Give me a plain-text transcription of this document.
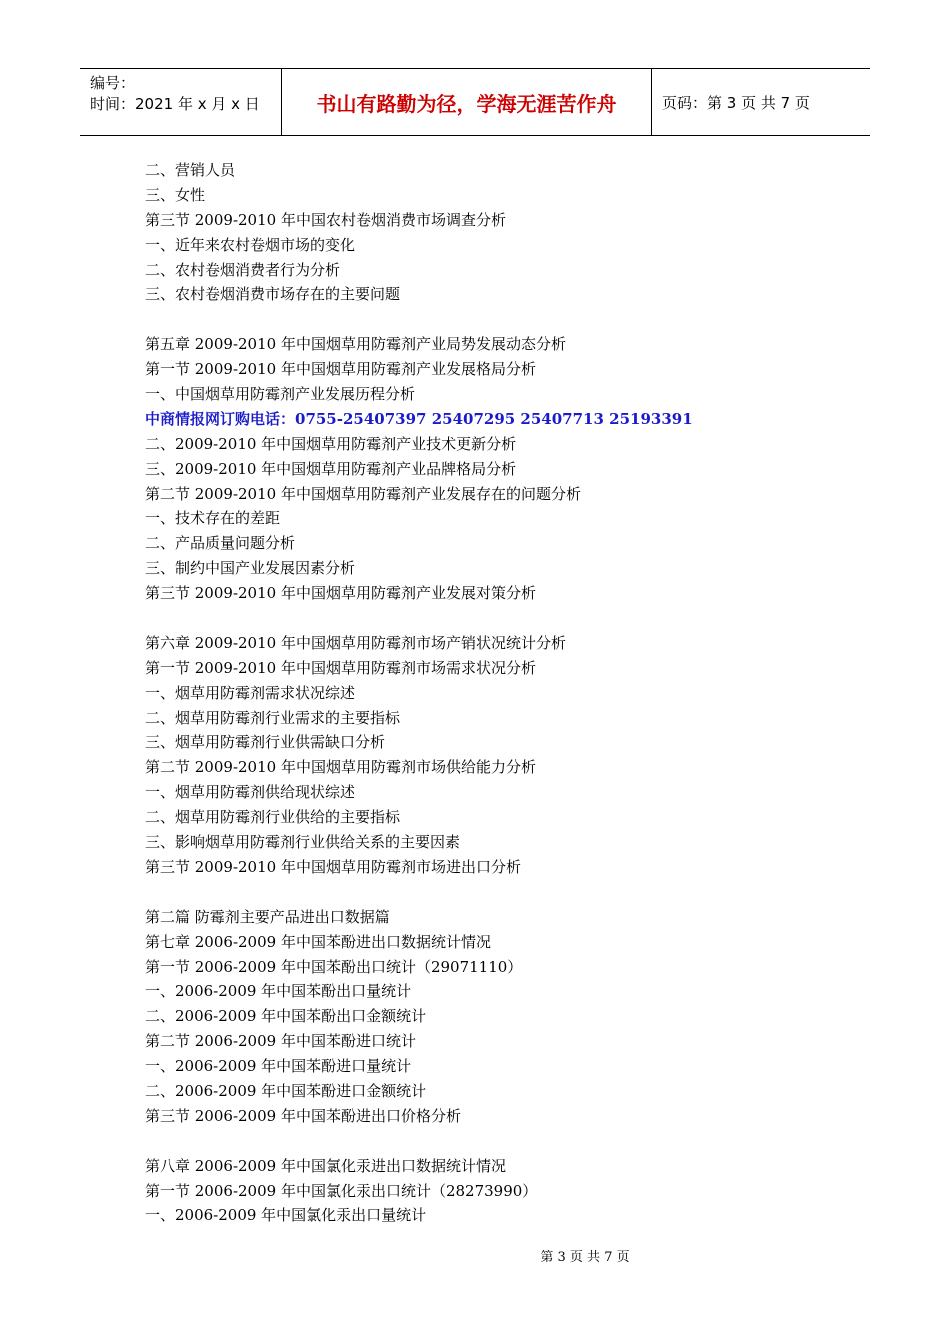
编号：
时间：2021 年 x 月 x 日	书山有路勤为径，学海无涯苦作舟	页码：第 3 页 共 7 页
二、营销人员
三、女性
第三节 2009-2010 年中国农村卷烟消费市场调查分析
一、近年来农村卷烟市场的变化
二、农村卷烟消费者行为分析
三、农村卷烟消费市场存在的主要问题
第五章 2009-2010 年中国烟草用防霉剂产业局势发展动态分析
第一节 2009-2010 年中国烟草用防霉剂产业发展格局分析
一、中国烟草用防霉剂产业发展历程分析
中商情报网订购电话：0755-25407397 25407295 25407713 25193391
二、2009-2010 年中国烟草用防霉剂产业技术更新分析
三、2009-2010 年中国烟草用防霉剂产业品牌格局分析
第二节 2009-2010 年中国烟草用防霉剂产业发展存在的问题分析
一、技术存在的差距
二、产品质量问题分析
三、制约中国产业发展因素分析
第三节 2009-2010 年中国烟草用防霉剂产业发展对策分析
第六章 2009-2010 年中国烟草用防霉剂市场产销状况统计分析
第一节 2009-2010 年中国烟草用防霉剂市场需求状况分析
一、烟草用防霉剂需求状况综述
二、烟草用防霉剂行业需求的主要指标
三、烟草用防霉剂行业供需缺口分析
第二节 2009-2010 年中国烟草用防霉剂市场供给能力分析
一、烟草用防霉剂供给现状综述
二、烟草用防霉剂行业供给的主要指标
三、影响烟草用防霉剂行业供给关系的主要因素
第三节 2009-2010 年中国烟草用防霉剂市场进出口分析
第二篇 防霉剂主要产品进出口数据篇
第七章 2006-2009 年中国苯酚进出口数据统计情况
第一节 2006-2009 年中国苯酚出口统计（29071110）
一、2006-2009 年中国苯酚出口量统计
二、2006-2009 年中国苯酚出口金额统计
第二节 2006-2009 年中国苯酚进口统计
一、2006-2009 年中国苯酚进口量统计
二、2006-2009 年中国苯酚进口金额统计
第三节 2006-2009 年中国苯酚进出口价格分析
第八章 2006-2009 年中国氯化汞进出口数据统计情况
第一节 2006-2009 年中国氯化汞出口统计（28273990）
一、2006-2009 年中国氯化汞出口量统计
第 3 页 共 7 页
